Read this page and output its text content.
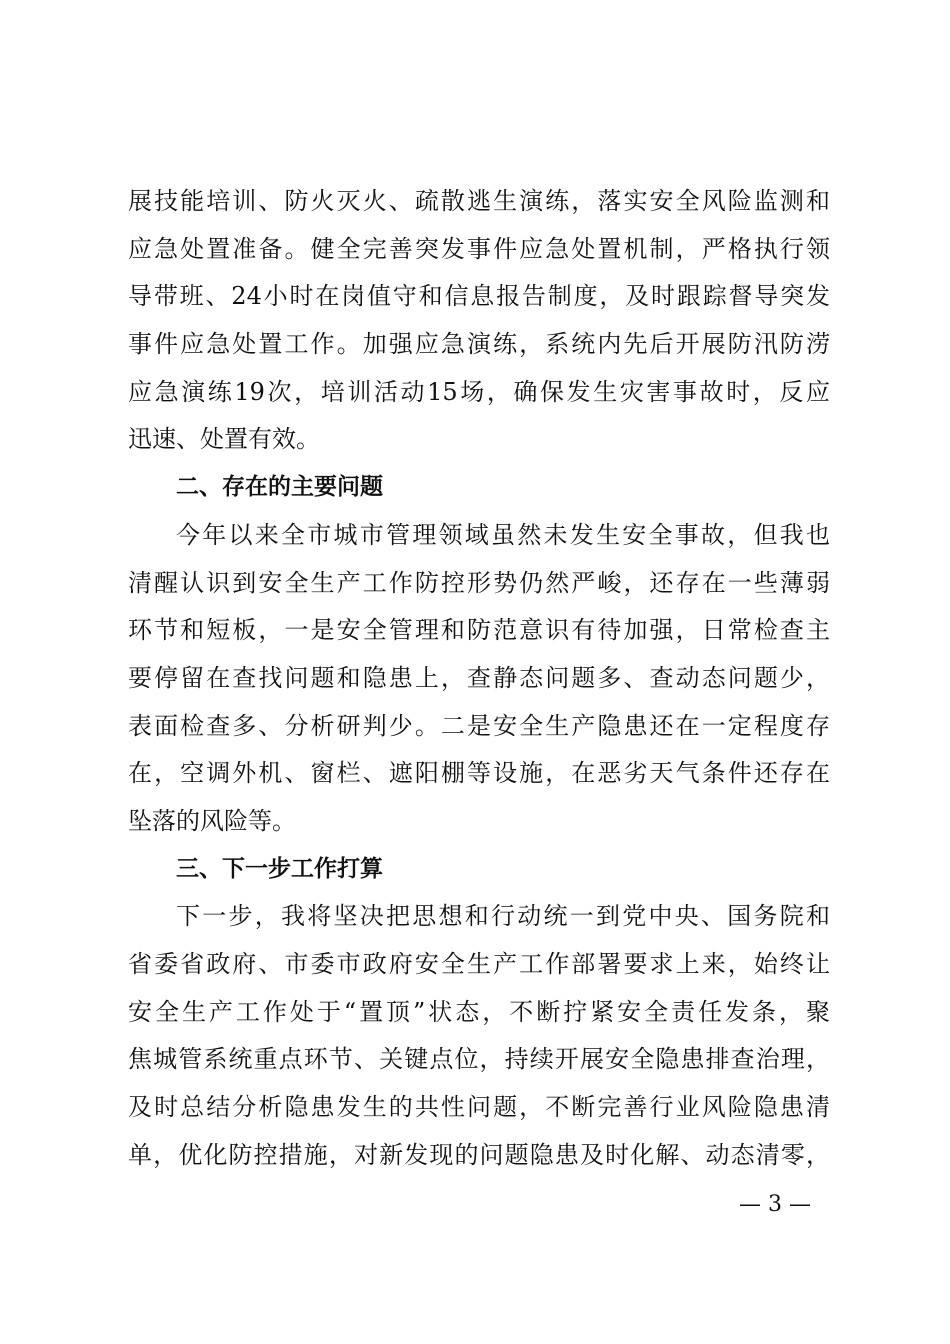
展技能培训、防火灭火、疏散逃生演练，落实安全风险监测和
应急处置准备。健全完善突发事件应急处置机制，严格执行领
导带班、24小时在岗值守和信息报告制度，及时跟踪督导突发
事件应急处置工作。加强应急演练，系统内先后开展防汛防涝
应急演练19次，培训活动15场，确保发生灾害事故时，反应
迅速、处置有效。
二、存在的主要问题
今年以来全市城市管理领域虽然未发生安全事故，但我也
清醒认识到安全生产工作防控形势仍然严峻，还存在一些薄弱
环节和短板，一是安全管理和防范意识有待加强，日常检查主
要停留在查找问题和隐患上，查静态问题多、查动态问题少，
表面检查多、分析研判少。二是安全生产隐患还在一定程度存
在，空调外机、窗栏、遮阳棚等设施，在恶劣天气条件还存在
坠落的风险等。
三、下一步工作打算
下一步，我将坚决把思想和行动统一到党中央、国务院和
省委省政府、市委市政府安全生产工作部署要求上来，始终让
安全生产工作处于“置顶”状态，不断拧紧安全责任发条，聚
焦城管系统重点环节、关键点位，持续开展安全隐患排查治理，
及时总结分析隐患发生的共性问题，不断完善行业风险隐患清
单，优化防控措施，对新发现的问题隐患及时化解、动态清零，
— 3 —
